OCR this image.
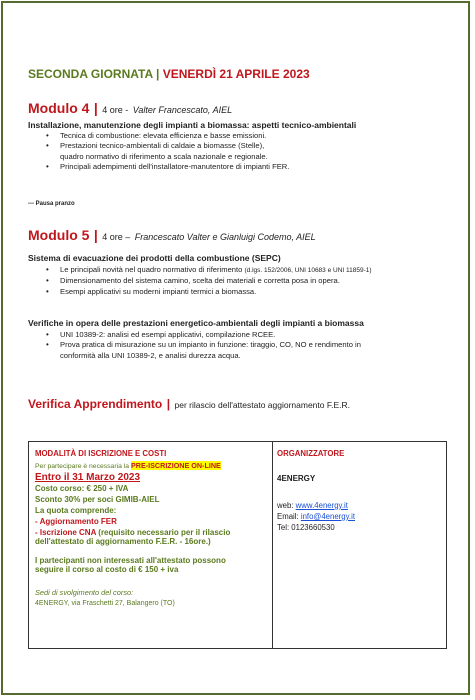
SECONDA GIORNATA | VENERDÌ 21 APRILE 2023
Modulo 4 | 4 ore - Valter Francescato, AIEL
Installazione, manutenzione degli impianti a biomassa: aspetti tecnico-ambientali
• Tecnica di combustione: elevata efficienza e basse emissioni.
• Prestazioni tecnico-ambientali di caldaie a biomasse (Stelle),
quadro normativo di riferimento a scala nazionale e regionale.
• Principali adempimenti dell'installatore-manutentore di impianti FER.
--- Pausa pranzo
Modulo 5 | 4 ore – Francescato Valter e Gianluigi Codemo, AIEL
Sistema di evacuazione dei prodotti della combustione (SEPC)
• Le principali novità nel quadro normativo di riferimento (d.lgs. 152/2006, UNI 10683 e UNI 11859-1)
• Dimensionamento del sistema camino, scelta dei materiali e corretta posa in opera.
• Esempi applicativi su moderni impianti termici a biomassa.
Verifiche in opera delle prestazioni energetico-ambientali degli impianti a biomassa
• UNI 10389-2: analisi ed esempi applicativi, compilazione RCEE.
• Prova pratica di misurazione su un impianto in funzione: tiraggio, CO, NO e rendimento in
conformità alla UNI 10389-2, e analisi durezza acqua.
Verifica Apprendimento | per rilascio dell'attestato aggiornamento F.E.R.
MODALITÀ DI ISCRIZIONE E COSTI
Per partecipare è necessaria la PRE-ISCRIZIONE ON-LINE
Entro il 31 Marzo 2023
Costo corso: € 250 + IVA
Sconto 30% per soci GIMIB-AIEL
La quota comprende:
- Aggiornamento FER
- Iscrizione CNA (requisito necessario per il rilascio
dell'attestato di aggiornamento F.E.R. - 16ore.)
I partecipanti non interessati all'attestato possono
seguire il corso al costo di € 150 + iva
Sedi di svolgimento del corso:
4ENERGY, via Fraschetti 27, Balangero (TO)
ORGANIZZATORE
4ENERGY
web: www.4energy.it
Email: info@4energy.it
Tel: 0123660530
